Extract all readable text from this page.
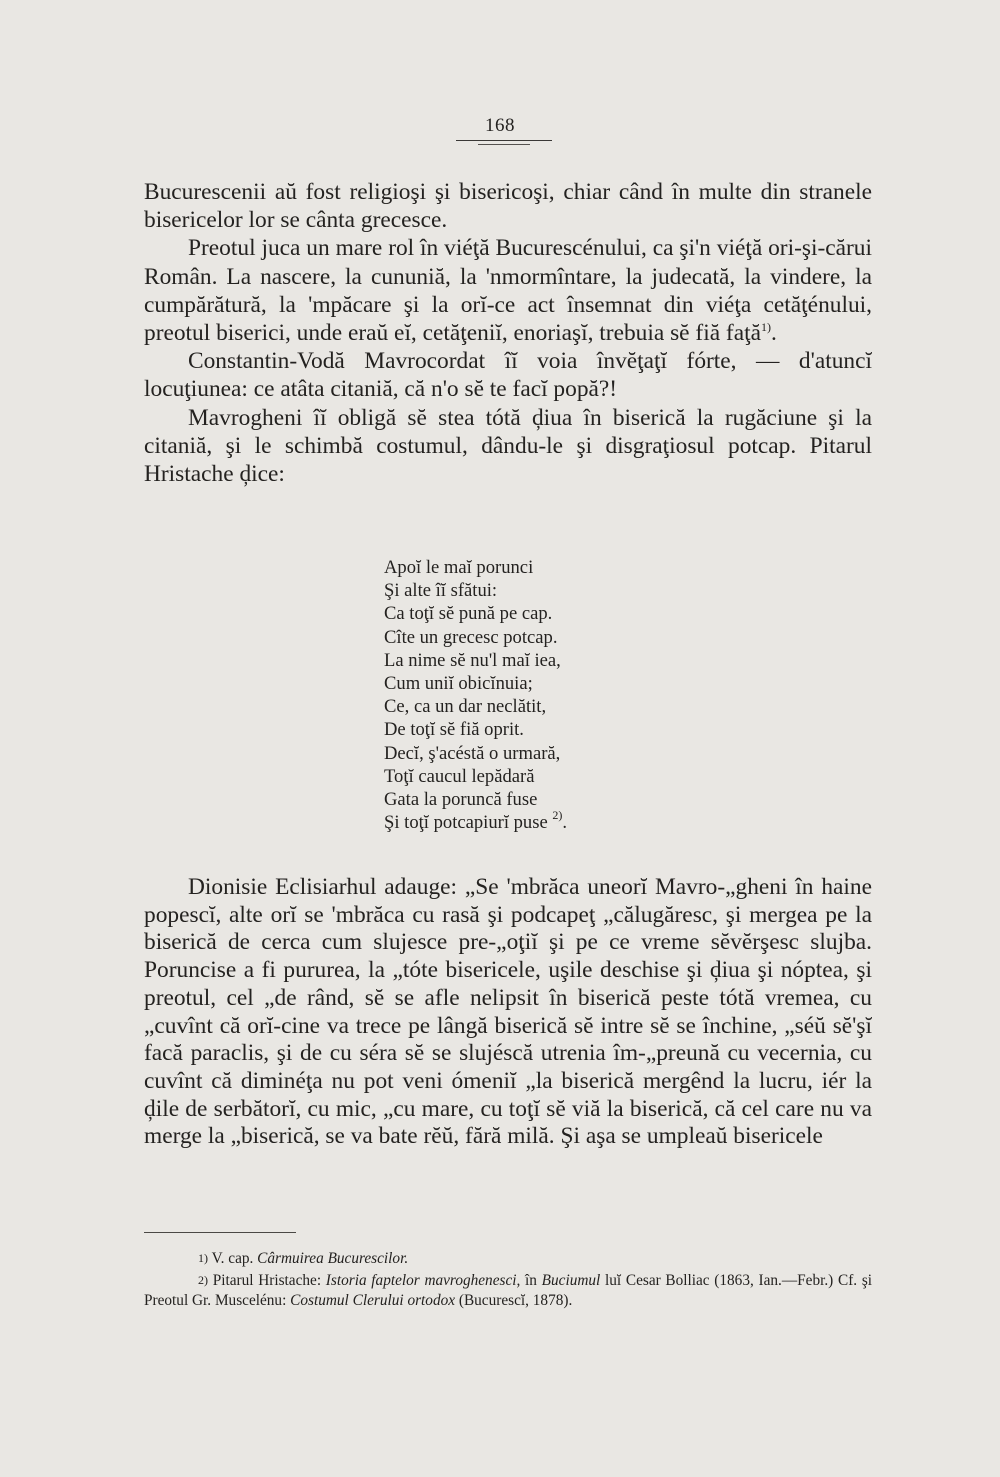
168

Bucurescenii aŭ fost religioşi şi bisericoşi, chiar când în multe din stranele bisericelor lor se cânta grecesce.

Preotul juca un mare rol în viéţă Bucurescénului, ca şi'n viéţă ori-şi-cărui Român. La nascere, la cununiă, la 'nmormîntare, la judecată, la vindere, la cumpărătură, la 'mpăcare şi la orĭ-ce act însemnat din viéţa cetăţénului, preotul biserici, unde eraŭ eĭ, cetăţeniĭ, enoriaşĭ, trebuia sĕ fiă faţă$^{1)}$.

Constantin-Vodă Mavrocordat îĭ voia învĕţaţĭ fórte, — d'atuncĭ locuţiunea: ce atâta citaniă, că n'o sĕ te facĭ popă?!

Mavrogheni îĭ obligă sĕ stea tótă ḑiua în biserică la rugăciune şi la citaniă, şi le schimbă costumul, dându-le şi disgraţiosul potcap. Pitarul Hristache ḑice:

Apoĭ le maĭ porunci
Şi alte îĭ sfătui:
Ca toţĭ sĕ pună pe cap.
Cîte un grecesc potcap.
La nime sĕ nu'l maĭ iea,
Cum uniĭ obicĭnuia;
Ce, ca un dar neclătit,
De toţĭ sĕ fiă oprit.
Decĭ, ş'acéstă o urmară,
Toţĭ caucul lepădară
Gata la poruncă fuse
Şi toţĭ potcapiurĭ puse $^{2)}$.

Dionisie Eclisiarhul adauge: „Se 'mbrăca uneorĭ Mavro-„gheni în haine popescĭ, alte orĭ se 'mbrăca cu rasă şi podcapeţ „călugăresc, şi mergea pe la biserică de cerca cum slujesce pre-„oţiĭ şi pe ce vreme sĕvĕrşesc slujba. Poruncise a fi pururea, la „tóte bisericele, uşile deschise şi ḑiua şi nóptea, şi preotul, cel „de rând, sĕ se afle nelipsit în biserică peste tótă vremea, cu „cuvînt că orĭ-cine va trece pe lângă biserică sĕ intre sĕ se închine, „séŭ sĕ'şĭ facă paraclis, şi de cu séra sĕ se slujéscă utrenia îm-„preună cu vecernia, cu cuvînt că diminéţa nu pot veni ómeniĭ „la biserică mergênd la lucru, iér la ḑile de serbătorĭ, cu mic, „cu mare, cu toţĭ sĕ viă la biserică, că cel care nu va merge la „biserică, se va bate rĕŭ, fără milă. Şi aşa se umpleaŭ bisericele

1) V. cap. Cârmuirea Bucurescilor.

2) Pitarul Hristache: Istoria faptelor mavroghenesci, în Buciumul luĭ Cesar Bolliac (1863, Ian.—Febr.) Cf. şi Preotul Gr. Muscelénu: Costumul Clerului ortodox (Bucurescĭ, 1878).
